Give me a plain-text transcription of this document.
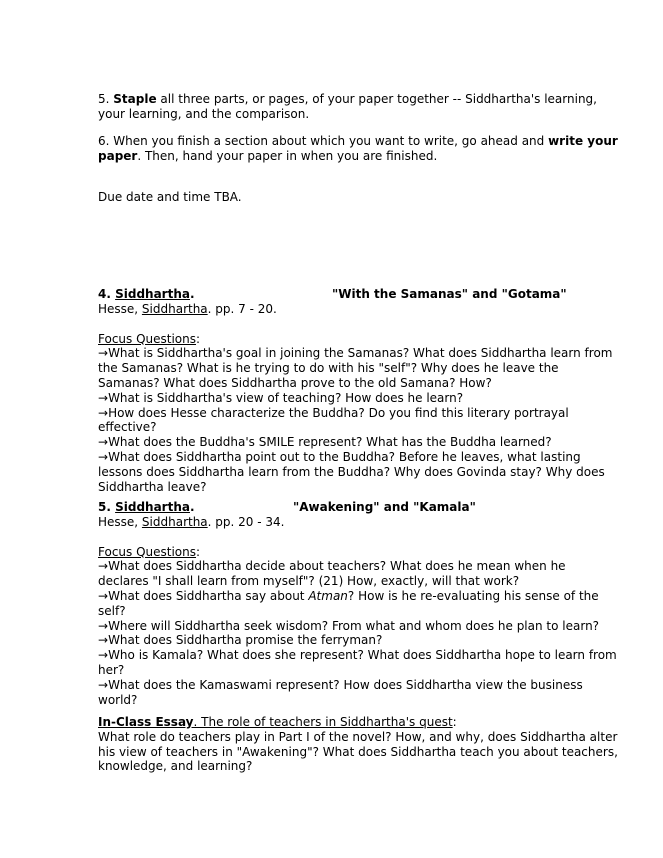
5. Staple all three parts, or pages, of your paper together -- Siddhartha's learning, your learning, and the comparison.

6. When you finish a section about which you want to write, go ahead and write your paper. Then, hand your paper in when you are finished.

Due date and time TBA.

4. Siddhartha.	"With the Samanas" and "Gotama"

Hesse, Siddhartha. pp. 7 - 20.

Focus Questions:

→What is Siddhartha's goal in joining the Samanas? What does Siddhartha learn from the Samanas? What is he trying to do with his "self"? Why does he leave the Samanas? What does Siddhartha prove to the old Samana? How?

→What is Siddhartha's view of teaching? How does he learn?

→How does Hesse characterize the Buddha? Do you find this literary portrayal effective?

→What does the Buddha's SMILE represent? What has the Buddha learned?

→What does Siddhartha point out to the Buddha? Before he leaves, what lasting lessons does Siddhartha learn from the Buddha? Why does Govinda stay? Why does Siddhartha leave?

5. Siddhartha.	"Awakening" and "Kamala"

Hesse, Siddhartha. pp. 20 - 34.

Focus Questions:

→What does Siddhartha decide about teachers? What does he mean when he declares "I shall learn from myself"? (21) How, exactly, will that work?

→What does Siddhartha say about Atman? How is he re-evaluating his sense of the self?

→Where will Siddhartha seek wisdom? From what and whom does he plan to learn?

→What does Siddhartha promise the ferryman?

→Who is Kamala? What does she represent? What does Siddhartha hope to learn from her?

→What does the Kamaswami represent? How does Siddhartha view the business world?

In-Class Essay. The role of teachers in Siddhartha's quest:

What role do teachers play in Part I of the novel? How, and why, does Siddhartha alter his view of teachers in "Awakening"? What does Siddhartha teach you about teachers, knowledge, and learning?
